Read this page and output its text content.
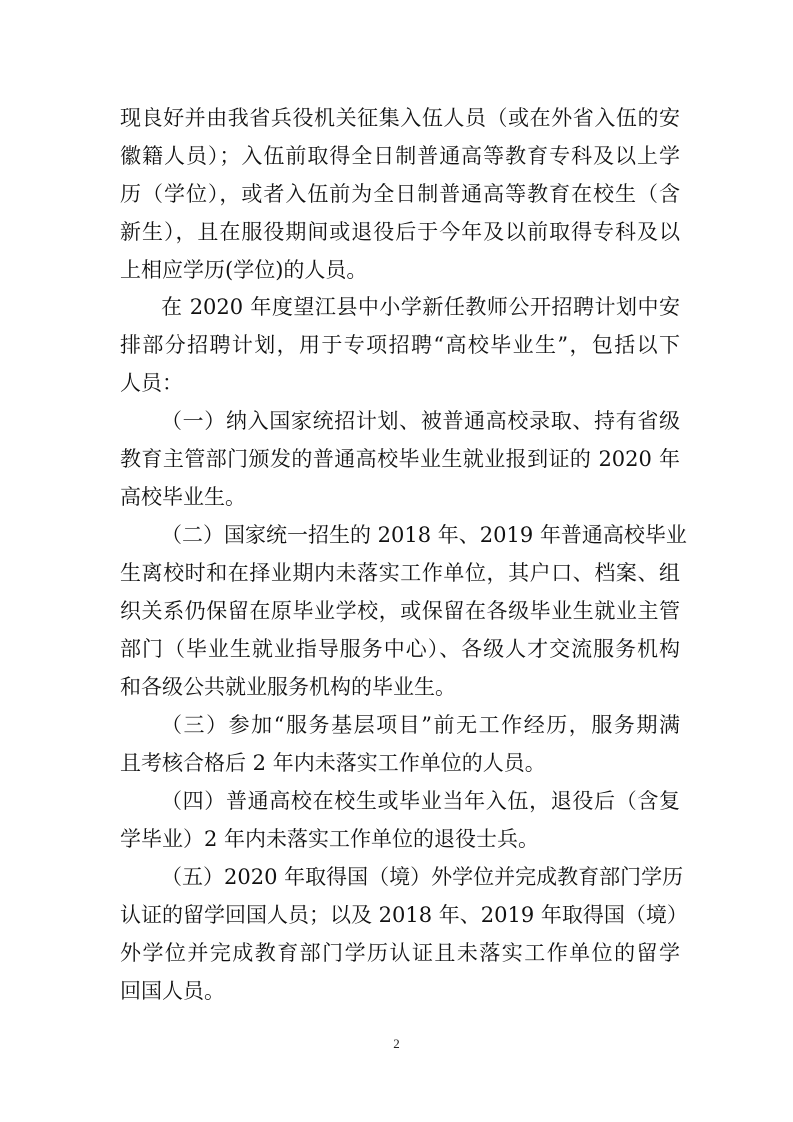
现良好并由我省兵役机关征集入伍人员（或在外省入伍的安
徽籍人员）；入伍前取得全日制普通高等教育专科及以上学
历（学位），或者入伍前为全日制普通高等教育在校生（含
新生），且在服役期间或退役后于今年及以前取得专科及以
上相应学历(学位)的人员。
在 2020 年度望江县中小学新任教师公开招聘计划中安
排部分招聘计划，用于专项招聘“高校毕业生”，包括以下
人员：
（一）纳入国家统招计划、被普通高校录取、持有省级
教育主管部门颁发的普通高校毕业生就业报到证的 2020 年
高校毕业生。
（二）国家统一招生的 2018 年、2019 年普通高校毕业
生离校时和在择业期内未落实工作单位，其户口、档案、组
织关系仍保留在原毕业学校，或保留在各级毕业生就业主管
部门（毕业生就业指导服务中心）、各级人才交流服务机构
和各级公共就业服务机构的毕业生。
（三）参加“服务基层项目”前无工作经历，服务期满
且考核合格后 2 年内未落实工作单位的人员。
（四）普通高校在校生或毕业当年入伍，退役后（含复
学毕业）2 年内未落实工作单位的退役士兵。
（五）2020 年取得国（境）外学位并完成教育部门学历
认证的留学回国人员；以及 2018 年、2019 年取得国（境）
外学位并完成教育部门学历认证且未落实工作单位的留学
回国人员。
2
